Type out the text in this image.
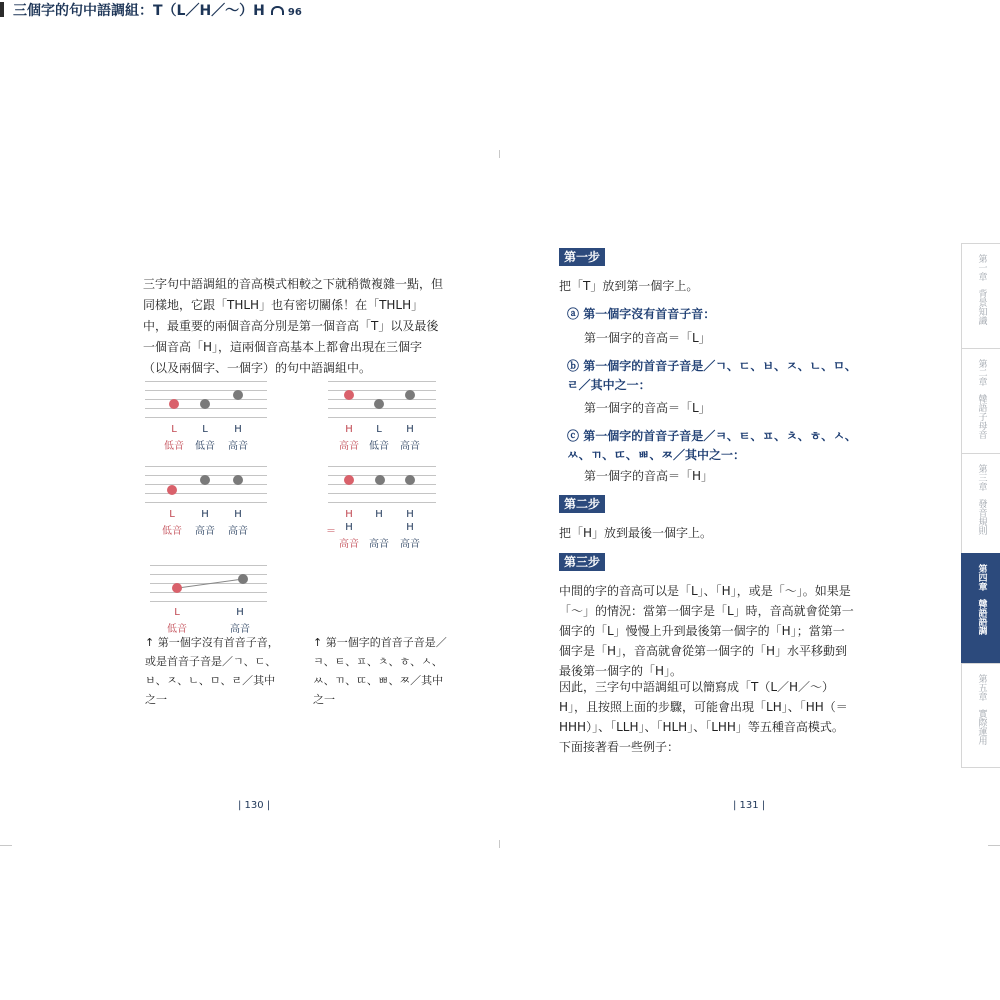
三個字的句中語調組：T（L／H／〜）H 96
三字句中語調組的音高模式相較之下就稍微複雜一點，但同樣地，它跟「THLH」也有密切關係！在「THLH」中，最重要的兩個音高分別是第一個音高「T」以及最後一個音高「H」，這兩個音高基本上都會出現在三個字（以及兩個字、一個字）的句中語調組中。
L	L	H
低音	低音	高音
H	L	H
高音	低音	高音
L	H	H
低音	高音	高音
H	H	H
＝ H	H
高音	高音	高音
L	H
低音	高音
↑ 第一個字沒有首音子音，或是首音子音是／ㄱ、ㄷ、ㅂ、ㅈ、ㄴ、ㅁ、ㄹ／其中之一
↑ 第一個字的首音子音是／ㅋ、ㅌ、ㅍ、ㅊ、ㅎ、ㅅ、ㅆ、ㄲ、ㄸ、ㅃ、ㅉ／其中之一
| 130 |
第一步
把「T」放到第一個字上。
ⓐ 第一個字沒有首音子音：
第一個字的音高＝「L」
ⓑ 第一個字的首音子音是／ㄱ、ㄷ、ㅂ、ㅈ、ㄴ、ㅁ、ㄹ／其中之一：
第一個字的音高＝「L」
ⓒ 第一個字的首音子音是／ㅋ、ㅌ、ㅍ、ㅊ、ㅎ、ㅅ、ㅆ、ㄲ、ㄸ、ㅃ、ㅉ／其中之一：
第一個字的音高＝「H」
第二步
把「H」放到最後一個字上。
第三步
中間的字的音高可以是「L」、「H」，或是「〜」。如果是「〜」的情況：當第一個字是「L」時，音高就會從第一個字的「L」慢慢上升到最後第一個字的「H」；當第一個字是「H」，音高就會從第一個字的「H」水平移動到最後第一個字的「H」。
因此，三字句中語調組可以簡寫成「T（L／H／〜）H」，且按照上面的步驟，可能會出現「LH」、「HH（＝HHH）」、「LLH」、「HLH」、「LHH」等五種音高模式。下面接著看一些例子：
| 131 |
第一章
背景知識
第二章
韓語子母音
第三章
發音規則
第四章
韓語語調
第五章
實際運用
